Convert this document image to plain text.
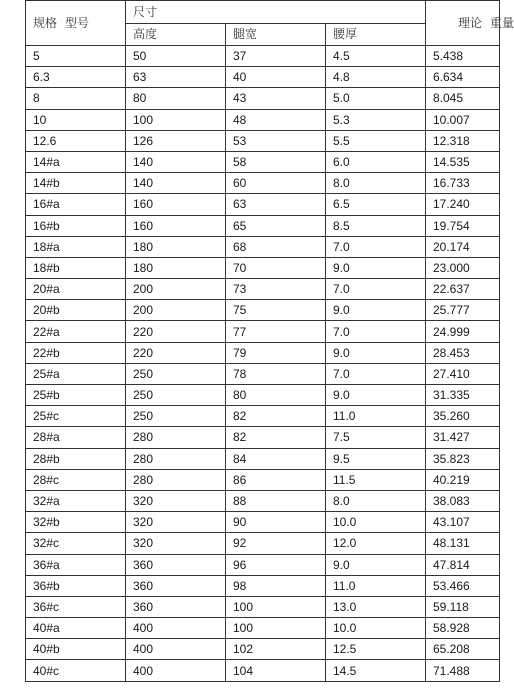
规格 型号	尺寸			理论 重量
	高度	腿宽	腰厚	
5	50	37	4.5	5.438
6.3	63	40	4.8	6.634
8	80	43	5.0	8.045
10	100	48	5.3	10.007
12.6	126	53	5.5	12.318
14#a	140	58	6.0	14.535
14#b	140	60	8.0	16.733
16#a	160	63	6.5	17.240
16#b	160	65	8.5	19.754
18#a	180	68	7.0	20.174
18#b	180	70	9.0	23.000
20#a	200	73	7.0	22.637
20#b	200	75	9.0	25.777
22#a	220	77	7.0	24.999
22#b	220	79	9.0	28.453
25#a	250	78	7.0	27.410
25#b	250	80	9.0	31.335
25#c	250	82	11.0	35.260
28#a	280	82	7.5	31.427
28#b	280	84	9.5	35.823
28#c	280	86	11.5	40.219
32#a	320	88	8.0	38.083
32#b	320	90	10.0	43.107
32#c	320	92	12.0	48.131
36#a	360	96	9.0	47.814
36#b	360	98	11.0	53.466
36#c	360	100	13.0	59.118
40#a	400	100	10.0	58.928
40#b	400	102	12.5	65.208
40#c	400	104	14.5	71.488
